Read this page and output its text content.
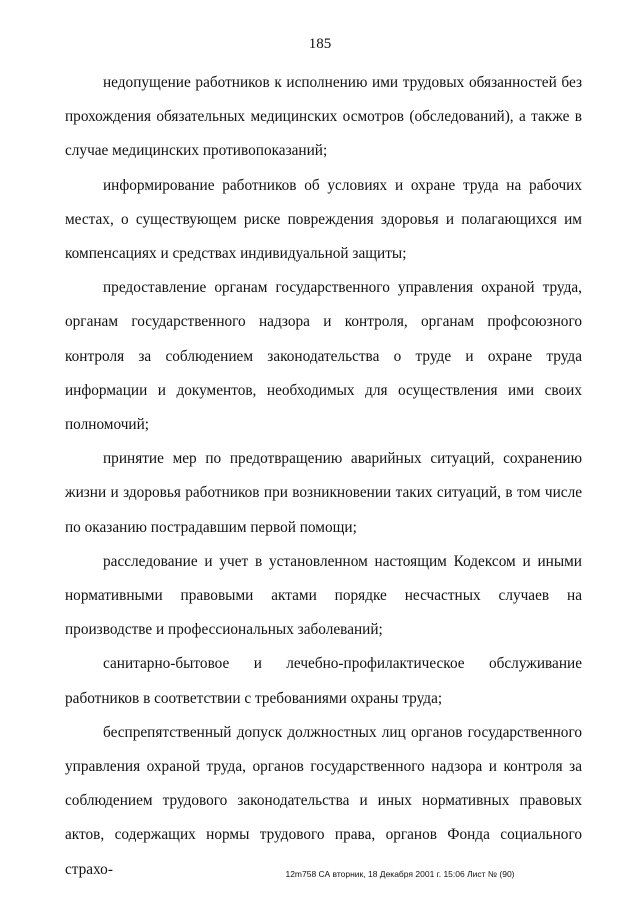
185

недопущение работников к исполнению ими трудовых обязанностей без прохождения обязательных медицинских осмотров (обследований), а также в случае медицинских противопоказаний;

информирование работников об условиях и охране труда на рабочих местах, о существующем риске повреждения здоровья и полагающихся им компенсациях и средствах индивидуальной защиты;

предоставление органам государственного управления охраной труда, органам государственного надзора и контроля, органам профсоюзного контроля за соблюдением законодательства о труде и охране труда информации и документов, необходимых для осуществления ими своих полномочий;

принятие мер по предотвращению аварийных ситуаций, сохранению жизни и здоровья работников при возникновении таких ситуаций, в том числе по оказанию пострадавшим первой помощи;

расследование и учет в установленном настоящим Кодексом и иными нормативными правовыми актами порядке несчастных случаев на производстве и профессиональных заболеваний;

санитарно-бытовое и лечебно-профилактическое обслуживание работников в соответствии с требованиями охраны труда;

беспрепятственный допуск должностных лиц органов государственного управления охраной труда, органов государственного надзора и контроля за соблюдением трудового законодательства и иных нормативных правовых актов, содержащих нормы трудового права, органов Фонда социального страхо-	12m758 СА вторник, 18 Декабря 2001 г. 15:06 Лист № (90)
